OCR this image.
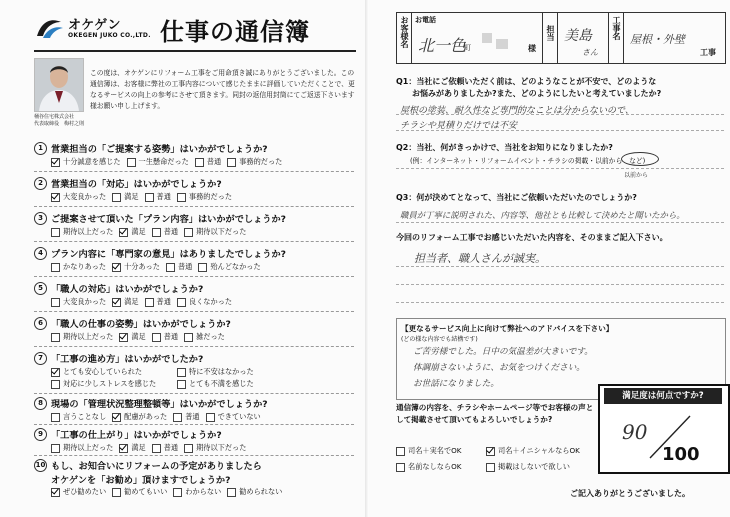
オケゲン
OKEGEN JUKO CO.,LTD. 仕事の通信簿
この度は、オケゲンにリフォーム工事をご用命頂き誠にありがとうございました。この通信簿は、お客様に弊社の工事内容について感じたままに評価していただくことで、更なるサービスの向上の参考にさせて頂きます。同封の返信用封筒にてご返送下さいます様お願い申し上げます。
桶谷住宅株式会社
代表取締役　梅村之則
1 営業担当の「ご提案する姿勢」はいかがでしょうか?
十分誠意を感じた	一生懸命だった	普通	事務的だった
2 営業担当の「対応」はいかがでしょうか?
大変良かった	満足	普通	事務的だった
3 ご提案させて頂いた「プラン内容」はいかがでしょうか?
期待以上だった	満足	普通	期待以下だった
4 プラン内容に「専門家の意見」はありましたでしょうか?
かなりあった	十分あった	普通	殆んどなかった
5 「職人の対応」はいかがでしょうか?
大変良かった	満足	普通	良くなかった
6 「職人の仕事の姿勢」はいかがでしょうか?
期待以上だった	満足	普通	雑だった
7 「工事の進め方」はいかがでしたか?
とても安心していられた	特に不安はなかった
対応に少しストレスを感じた	とても不満を感じた
8 現場の「管理状況整理整頓等」はいかがでしょうか?
言うことなし	配慮があった	普通	できていない
9 「工事の仕上がり」はいかがでしょうか?
期待以上だった	満足	普通	期待以下だった
10 もし、お知合いにリフォームの予定がありましたら
オケゲンを「お勧め」頂けますでしょうか?
ぜひ勧めたい	勧めてもいい	わからない	勧められない
お客様名 お電話
北一色
町	様
担当 美島
さん
工事名 屋根・外壁
工事
Q1：当社にご依頼いただく前は、どのようなことが不安で、どのような
　　お悩みがありましたか?また、どのようにしたいと考えていましたか?
屋根の塗装、耐久性など専門的なことは分からないので、
チラシや見積りだけでは不安
Q2：当社、何がきっかけで、当社をお知りになりましたか?
(例：インターネット・リフォームイベント・チラシの掲載・以前から　など)
以前から
Q3：何が決めてとなって、当社にご依頼いただいたのでしょうか?
職員が丁寧に説明された、内容等、他社とも比較して決めたと聞いたから。
今回のリフォーム工事でお感じいただいた内容を、そのままご記入下さい。
担当者、職人さんが誠実。
【更なるサービス向上に向けて弊社へのアドバイスを下さい】
(どの様な内容でも結構です)
ご苦労様でした。日中の気温差が大きいです。
体調崩さないように、お気をつけください。
お世話になりました。
満足度は何点ですか?
90
100
通信簿の内容を、チラシやホームページ等でお客様の声として掲載させて頂いてもよろしいでしょうか?
司名＋実名でOK	司名＋イニシャルならOK
名前なしならOK	掲載はしないで欲しい
ご記入ありがとうございました。
